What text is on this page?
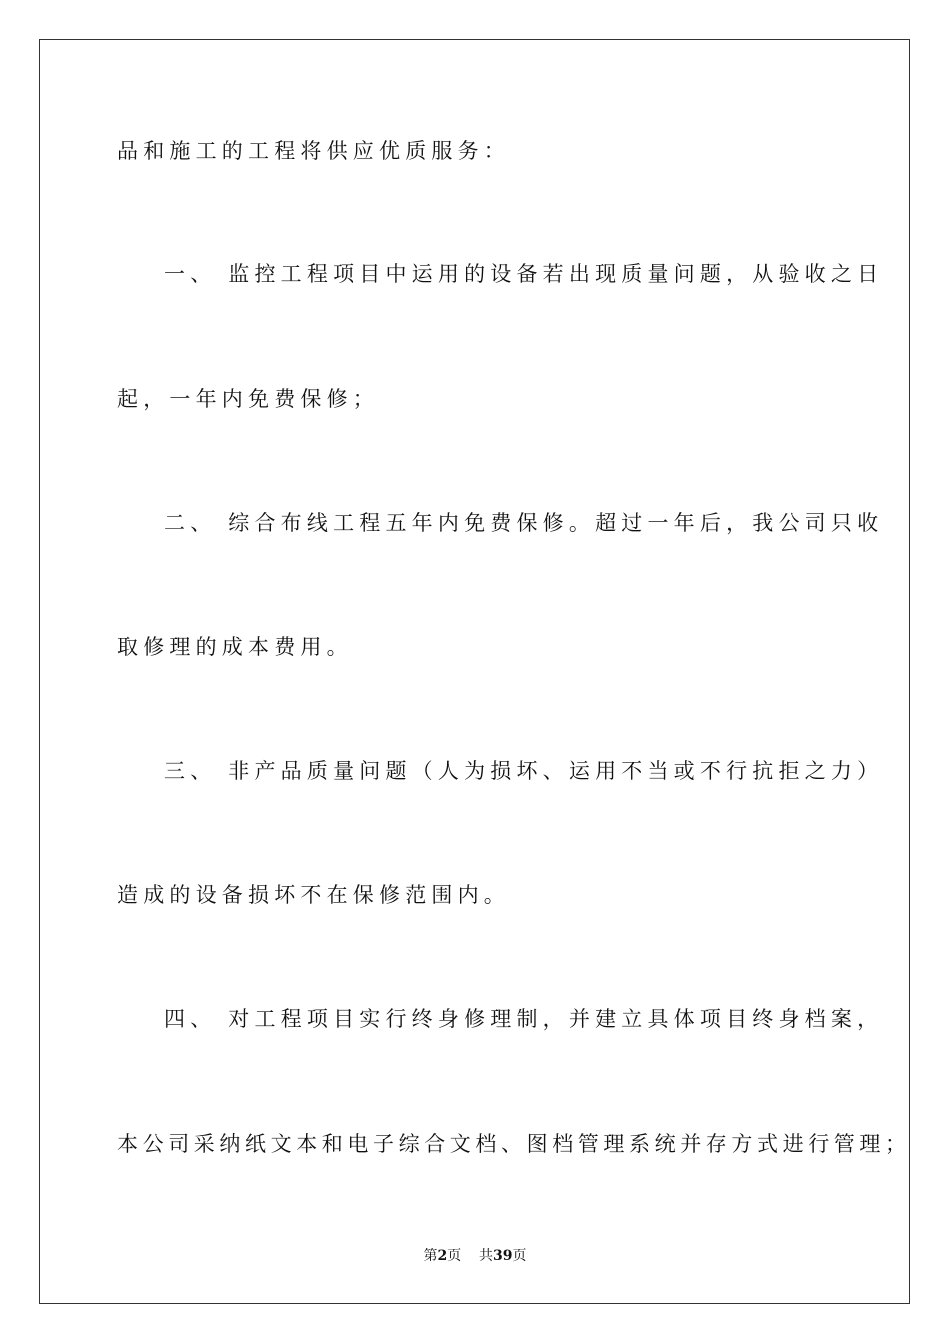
品和施工的工程将供应优质服务：
一、 监控工程项目中运用的设备若出现质量问题，从验收之日
起，一年内免费保修；
二、 综合布线工程五年内免费保修。超过一年后，我公司只收
取修理的成本费用。
三、 非产品质量问题（人为损坏、运用不当或不行抗拒之力）
造成的设备损坏不在保修范围内。
四、 对工程项目实行终身修理制，并建立具体项目终身档案，
本公司采纳纸文本和电子综合文档、图档管理系统并存方式进行管理；
第2页 共39页
